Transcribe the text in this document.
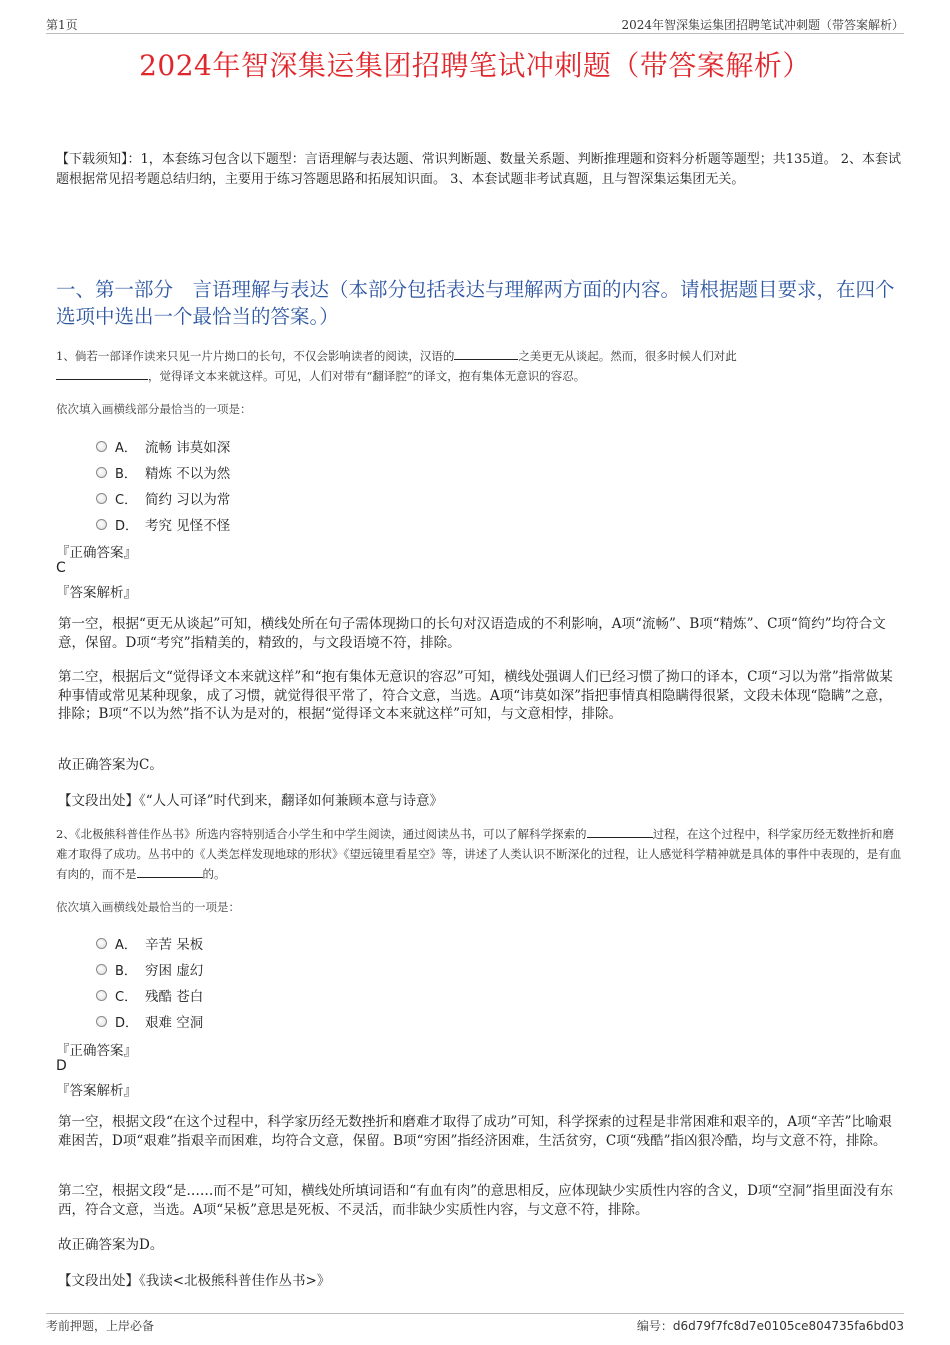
第1页	2024年智深集运集团招聘笔试冲刺题（带答案解析）
2024年智深集运集团招聘笔试冲刺题（带答案解析）
【下载须知】：1，本套练习包含以下题型：言语理解与表达题、常识判断题、数量关系题、判断推理题和资料分析题等题型；共135道。 2、本套试题根据常见招考题总结归纳，主要用于练习答题思路和拓展知识面。 3、本套试题非考试真题，且与智深集运集团无关。
一、第一部分　言语理解与表达（本部分包括表达与理解两方面的内容。请根据题目要求，在四个选项中选出一个最恰当的答案。）
1、倘若一部译作读来只见一片片拗口的长句，不仅会影响读者的阅读，汉语的	之美更无从谈起。然而，很多时候人们对此
，觉得译文本来就这样。可见，人们对带有“翻译腔”的译文，抱有集体无意识的容忍。
依次填入画横线部分最恰当的一项是：
A． 流畅 讳莫如深
B． 精炼 不以为然
C． 简约 习以为常
D． 考究 见怪不怪
『正确答案』
C
『答案解析』
第一空，根据“更无从谈起”可知，横线处所在句子需体现拗口的长句对汉语造成的不利影响，A项“流畅”、B项“精炼”、C项“简约”均符合文意，保留。D项“考究”指精美的，精致的，与文段语境不符，排除。
第二空，根据后文“觉得译文本来就这样”和“抱有集体无意识的容忍”可知，横线处强调人们已经习惯了拗口的译本，C项“习以为常”指常做某种事情或常见某种现象，成了习惯，就觉得很平常了，符合文意，当选。A项“讳莫如深”指把事情真相隐瞒得很紧，文段未体现“隐瞒”之意，排除；B项“不以为然”指不认为是对的，根据“觉得译文本来就这样”可知，与文意相悖，排除。
故正确答案为C。
【文段出处】《“人人可译”时代到来，翻译如何兼顾本意与诗意》
2、《北极熊科普佳作丛书》所选内容特别适合小学生和中学生阅读，通过阅读丛书，可以了解科学探索的	过程，在这个过程中，科学家历经无数挫折和磨难才取得了成功。丛书中的《人类怎样发现地球的形状》《望远镜里看星空》等，讲述了人类认识不断深化的过程，让人感觉科学精神就是具体的事件中表现的，是有血有肉的，而不是	的。
依次填入画横线处最恰当的一项是：
A． 辛苦 呆板
B． 穷困 虚幻
C． 残酷 苍白
D． 艰难 空洞
『正确答案』
D
『答案解析』
第一空，根据文段“在这个过程中，科学家历经无数挫折和磨难才取得了成功”可知，科学探索的过程是非常困难和艰辛的，A项“辛苦”比喻艰难困苦，D项“艰难”指艰辛而困难，均符合文意，保留。B项“穷困”指经济困难，生活贫穷，C项“残酷”指凶狠冷酷，均与文意不符，排除。
第二空，根据文段“是……而不是”可知，横线处所填词语和“有血有肉”的意思相反，应体现缺少实质性内容的含义，D项“空洞”指里面没有东西，符合文意，当选。A项“呆板”意思是死板、不灵活，而非缺少实质性内容，与文意不符，排除。
故正确答案为D。
【文段出处】《我读<北极熊科普佳作丛书>》
考前押题，上岸必备	编号：d6d79f7fc8d7e0105ce804735fa6bd03
